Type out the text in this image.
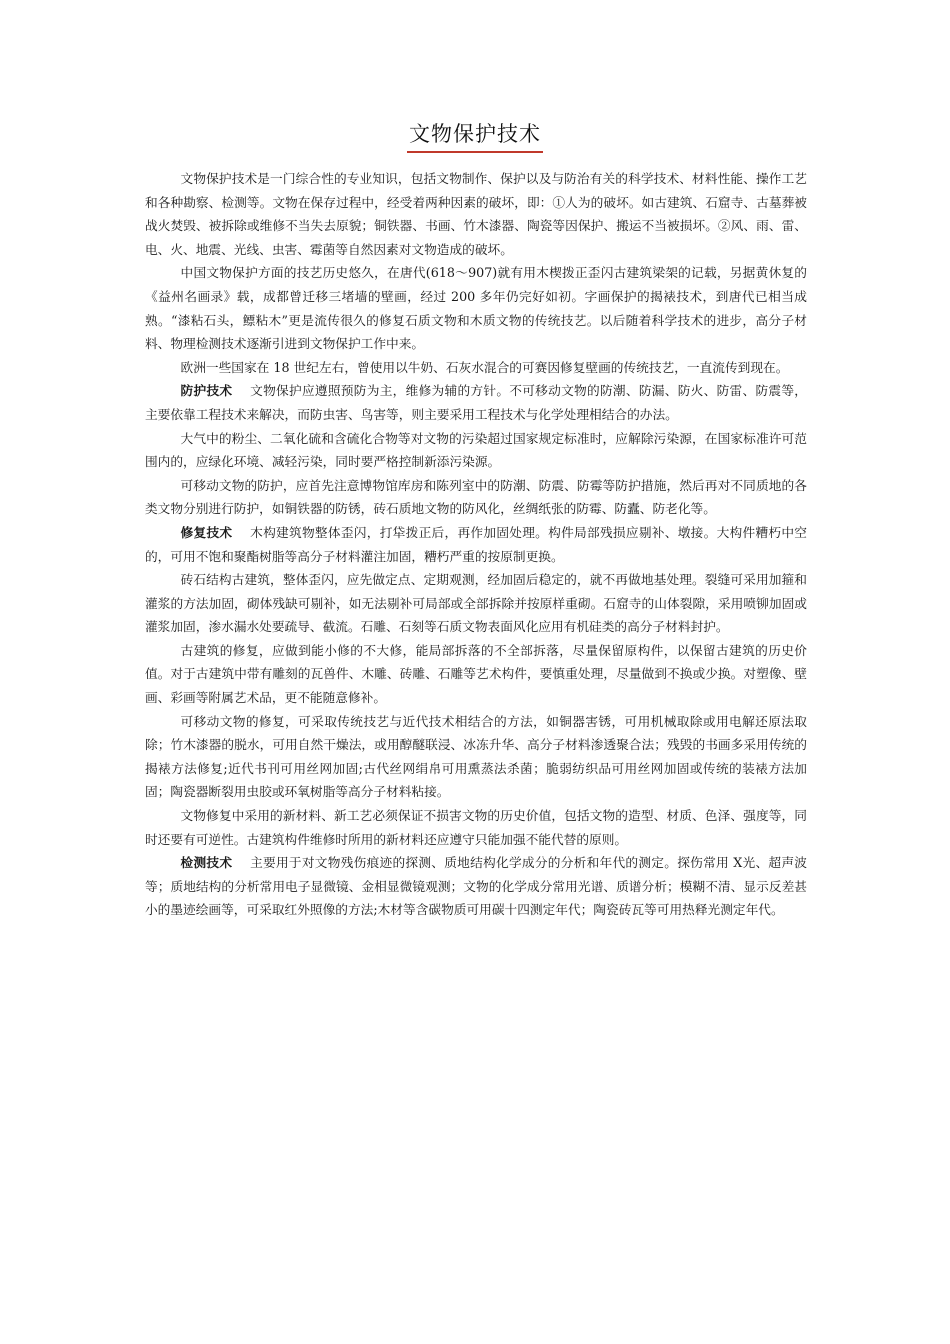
文物保护技术

文物保护技术是一门综合性的专业知识，包括文物制作、保护以及与防治有关的科学技术、材料性能、操作工艺和各种勘察、检测等。文物在保存过程中，经受着两种因素的破坏，即：①人为的破坏。如古建筑、石窟寺、古墓葬被战火焚毁、被拆除或维修不当失去原貌；铜铁器、书画、竹木漆器、陶瓷等因保护、搬运不当被损坏。②风、雨、雷、电、火、地震、光线、虫害、霉菌等自然因素对文物造成的破坏。

中国文物保护方面的技艺历史悠久，在唐代(618～907)就有用木楔拨正歪闪古建筑梁架的记载，另据黄休复的《益州名画录》载，成都曾迁移三堵墙的壁画，经过 200 多年仍完好如初。字画保护的揭裱技术，到唐代已相当成熟。“漆粘石头，鳔粘木”更是流传很久的修复石质文物和木质文物的传统技艺。以后随着科学技术的进步，高分子材料、物理检测技术逐渐引进到文物保护工作中来。

欧洲一些国家在 18 世纪左右，曾使用以牛奶、石灰水混合的可赛因修复壁画的传统技艺，一直流传到现在。

防护技术 文物保护应遵照预防为主，维修为辅的方针。不可移动文物的防潮、防漏、防火、防雷、防震等，主要依靠工程技术来解决，而防虫害、鸟害等，则主要采用工程技术与化学处理相结合的办法。

大气中的粉尘、二氧化硫和含硫化合物等对文物的污染超过国家规定标准时，应解除污染源，在国家标准许可范围内的，应绿化环境、减轻污染，同时要严格控制新添污染源。

可移动文物的防护，应首先注意博物馆库房和陈列室中的防潮、防震、防霉等防护措施，然后再对不同质地的各类文物分别进行防护，如铜铁器的防锈，砖石质地文物的防风化，丝绸纸张的防霉、防蠹、防老化等。

修复技术 木构建筑物整体歪闪，打牮拨正后，再作加固处理。构件局部残损应剔补、墩接。大构件糟朽中空的，可用不饱和聚酯树脂等高分子材料灌注加固，糟朽严重的按原制更换。

砖石结构古建筑，整体歪闪，应先做定点、定期观测，经加固后稳定的，就不再做地基处理。裂缝可采用加箍和灌浆的方法加固，砌体残缺可剔补，如无法剔补可局部或全部拆除并按原样重砌。石窟寺的山体裂隙，采用喷铆加固或灌浆加固，渗水漏水处要疏导、截流。石雕、石刻等石质文物表面风化应用有机硅类的高分子材料封护。

古建筑的修复，应做到能小修的不大修，能局部拆落的不全部拆落，尽量保留原构件，以保留古建筑的历史价值。对于古建筑中带有雕刻的瓦兽件、木雕、砖雕、石雕等艺术构件，要慎重处理，尽量做到不换或少换。对塑像、壁画、彩画等附属艺术品，更不能随意修补。

可移动文物的修复，可采取传统技艺与近代技术相结合的方法，如铜器害锈，可用机械取除或用电解还原法取除；竹木漆器的脱水，可用自然干燥法，或用醇醚联浸、冰冻升华、高分子材料渗透聚合法；残毁的书画多采用传统的揭裱方法修复;近代书刊可用丝网加固;古代丝网绢帛可用熏蒸法杀菌；脆弱纺织品可用丝网加固或传统的装裱方法加固；陶瓷器断裂用虫胶或环氧树脂等高分子材料粘接。

文物修复中采用的新材料、新工艺必须保证不损害文物的历史价值，包括文物的造型、材质、色泽、强度等，同时还要有可逆性。古建筑构件维修时所用的新材料还应遵守只能加强不能代替的原则。

检测技术 主要用于对文物残伤痕迹的探测、质地结构化学成分的分析和年代的测定。探伤常用 X光、超声波等；质地结构的分析常用电子显微镜、金相显微镜观测；文物的化学成分常用光谱、质谱分析；模糊不清、显示反差甚小的墨迹绘画等，可采取红外照像的方法;木材等含碳物质可用碳十四测定年代；陶瓷砖瓦等可用热释光测定年代。
